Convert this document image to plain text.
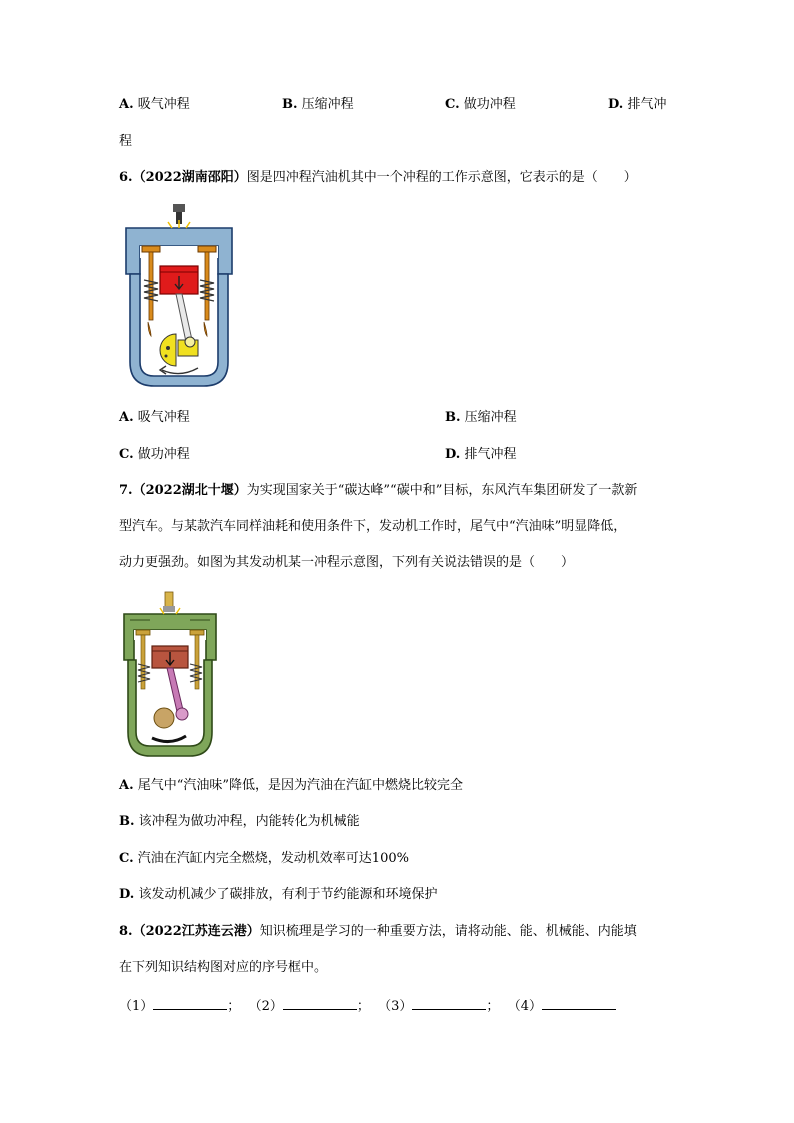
A. 吸气冲程	B. 压缩冲程	C. 做功冲程	D. 排气冲
程
6.（2022湖南邵阳）图是四冲程汽油机其中一个冲程的工作示意图，它表示的是（　　）
A. 吸气冲程	B. 压缩冲程
C. 做功冲程	D. 排气冲程
7.（2022湖北十堰）为实现国家关于“碳达峰”“碳中和”目标，东风汽车集团研发了一款新
型汽车。与某款汽车同样油耗和使用条件下，发动机工作时，尾气中“汽油味”明显降低，
动力更强劲。如图为其发动机某一冲程示意图，下列有关说法错误的是（　　）
A. 尾气中“汽油味”降低，是因为汽油在汽缸中燃烧比较完全
B. 该冲程为做功冲程，内能转化为机械能
C. 汽油在汽缸内完全燃烧，发动机效率可达100%
D. 该发动机减少了碳排放，有利于节约能源和环境保护
8.（2022江苏连云港）知识梳理是学习的一种重要方法，请将动能、能、机械能、内能填
在下列知识结构图对应的序号框中。
（1）	； （2）	； （3）	； （4）
